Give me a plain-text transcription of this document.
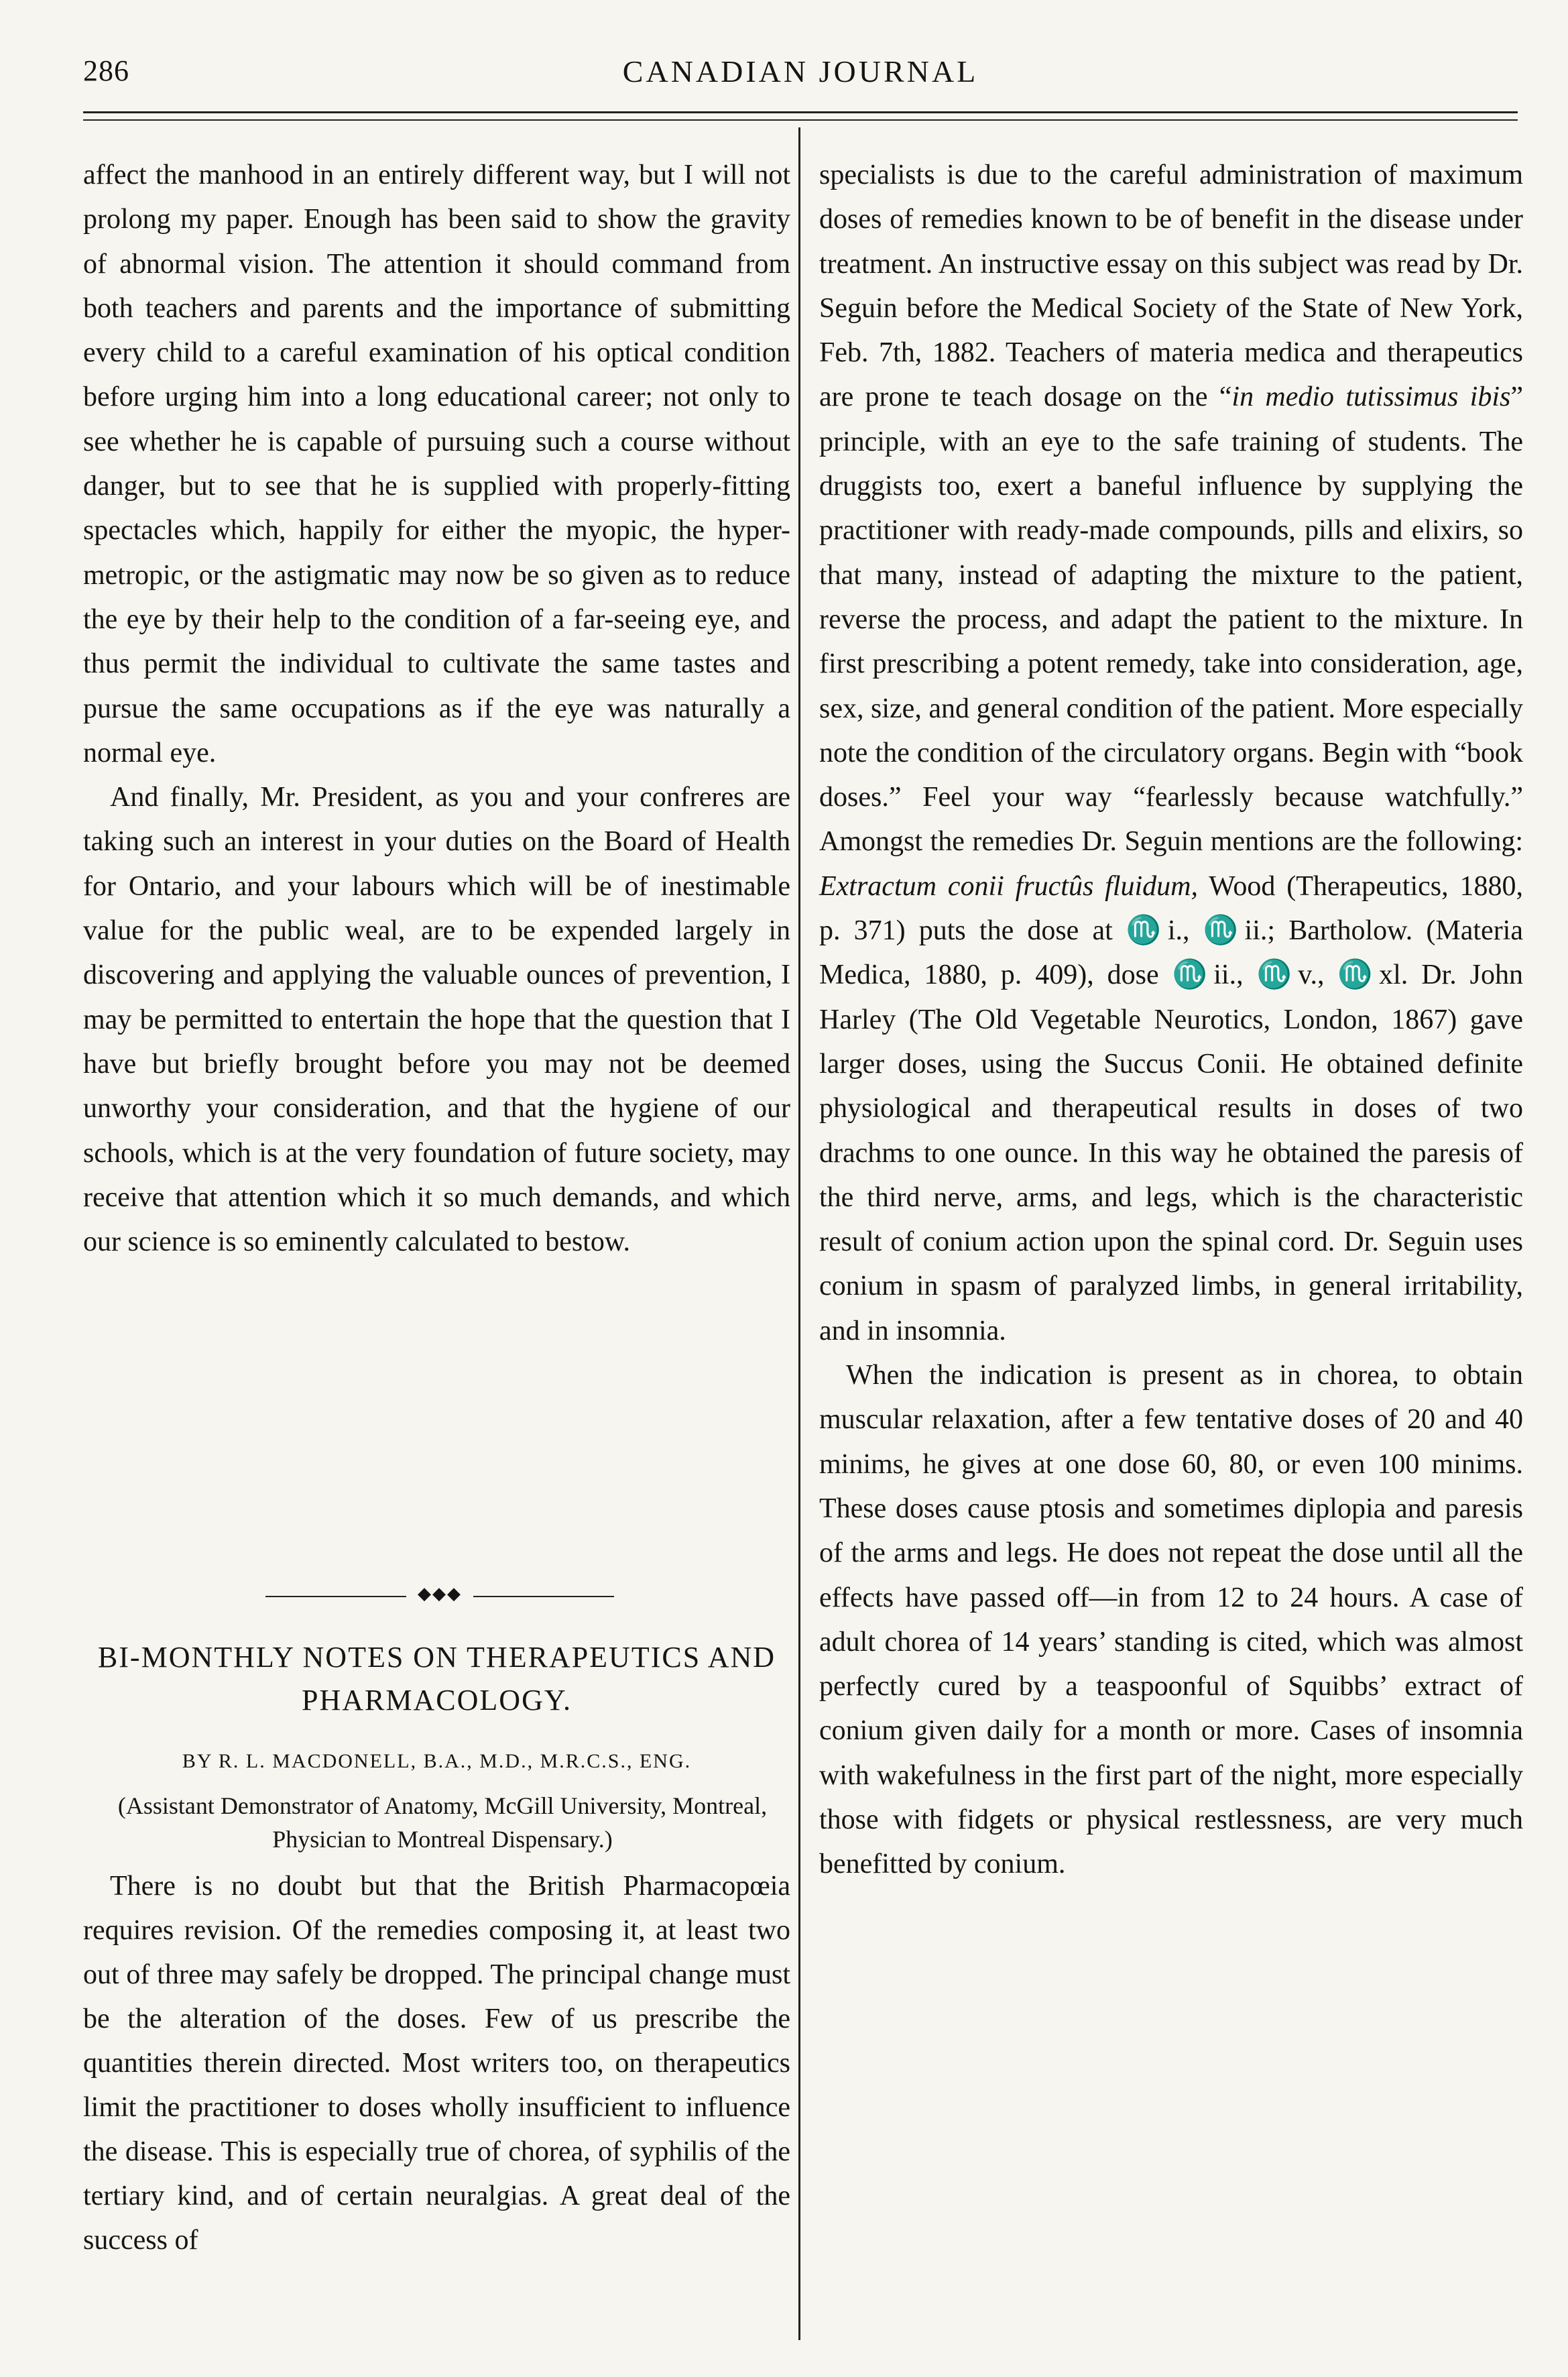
286	CANADIAN JOURNAL

affect the manhood in an entirely different way, but I will not prolong my paper. Enough has been said to show the gravity of abnormal vision. The attention it should command from both teachers and parents and the importance of submitting every child to a careful examination of his optical condition before urging him into a long educational career; not only to see whether he is capable of pursuing such a course without danger, but to see that he is supplied with properly-fitting spectacles which, happily for either the myopic, the hyper-metropic, or the astigmatic may now be so given as to reduce the eye by their help to the condition of a far-seeing eye, and thus permit the individual to cultivate the same tastes and pursue the same occupations as if the eye was naturally a normal eye.

And finally, Mr. President, as you and your confreres are taking such an interest in your duties on the Board of Health for Ontario, and your labours which will be of inestimable value for the public weal, are to be expended largely in discovering and applying the valuable ounces of prevention, I may be permitted to entertain the hope that the question that I have but briefly brought before you may not be deemed unworthy your consideration, and that the hygiene of our schools, which is at the very foundation of future society, may receive that attention which it so much demands, and which our science is so eminently calculated to bestow.

◆◆◆
BI-MONTHLY NOTES ON THERAPEUTICS AND PHARMACOLOGY.
BY R. L. MACDONELL, B.A., M.D., M.R.C.S., ENG.
(Assistant Demonstrator of Anatomy, McGill University, Montreal, Physician to Montreal Dispensary.)

There is no doubt but that the British Pharmacopœia requires revision. Of the remedies composing it, at least two out of three may safely be dropped. The principal change must be the alteration of the doses. Few of us prescribe the quantities therein directed. Most writers too, on therapeutics limit the practitioner to doses wholly insufficient to influence the disease. This is especially true of chorea, of syphilis of the tertiary kind, and of certain neuralgias. A great deal of the success of

specialists is due to the careful administration of maximum doses of remedies known to be of benefit in the disease under treatment. An instructive essay on this subject was read by Dr. Seguin before the Medical Society of the State of New York, Feb. 7th, 1882. Teachers of materia medica and therapeutics are prone te teach dosage on the “in medio tutissimus ibis” principle, with an eye to the safe training of students. The druggists too, exert a baneful influence by supplying the practitioner with ready-made compounds, pills and elixirs, so that many, instead of adapting the mixture to the patient, reverse the process, and adapt the patient to the mixture. In first prescribing a potent remedy, take into consideration, age, sex, size, and general condition of the patient. More especially note the condition of the circulatory organs. Begin with “book doses.” Feel your way “fearlessly because watchfully.” Amongst the remedies Dr. Seguin mentions are the following: Extractum conii fructûs fluidum, Wood (Therapeutics, 1880, p. 371) puts the dose at ♏i., ♏ii.; Bartholow. (Materia Medica, 1880, p. 409), dose ♏ii., ♏v., ♏xl. Dr. John Harley (The Old Vegetable Neurotics, London, 1867) gave larger doses, using the Succus Conii. He obtained definite physiological and therapeutical results in doses of two drachms to one ounce. In this way he obtained the paresis of the third nerve, arms, and legs, which is the characteristic result of conium action upon the spinal cord. Dr. Seguin uses conium in spasm of paralyzed limbs, in general irritability, and in insomnia.

When the indication is present as in chorea, to obtain muscular relaxation, after a few tentative doses of 20 and 40 minims, he gives at one dose 60, 80, or even 100 minims. These doses cause ptosis and sometimes diplopia and paresis of the arms and legs. He does not repeat the dose until all the effects have passed off—in from 12 to 24 hours. A case of adult chorea of 14 years’ standing is cited, which was almost perfectly cured by a teaspoonful of Squibbs’ extract of conium given daily for a month or more. Cases of insomnia with wakefulness in the first part of the night, more especially those with fidgets or physical restlessness, are very much benefitted by conium.
